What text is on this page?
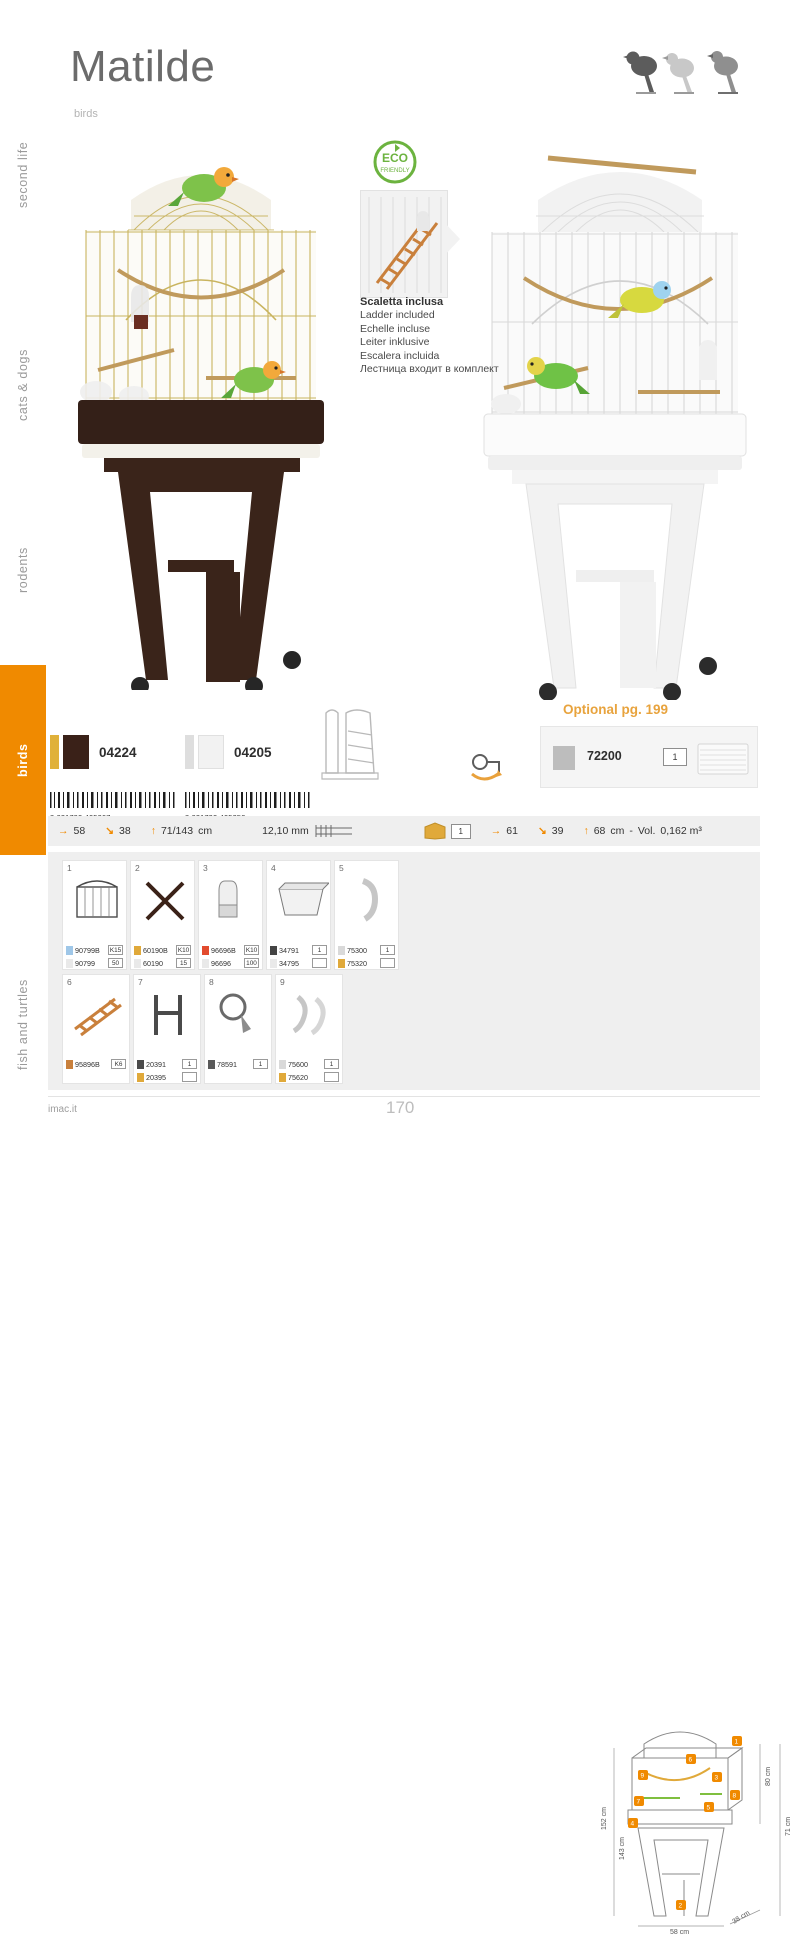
second life
cats & dogs
rodents
birds
fish and turtles
Matilde
birds
ECO
FRIENDLY
Scaletta inclusa
Ladder included
Echelle incluse
Leiter inklusive
Escalera incluida
Лестница входит в комплект
04224	04205
Optional pg. 199
72200	1
→ 58 ↘ 38 ↑ 71/143 cm	12,10 mm	1	→ 61 ↘ 39 ↑ 68 cm - Vol. 0,162 m³
1
90799B K15
90799	50
2
60190B K10
60190	15
3
96696B K10
96696	100
4
34791	1
34795
5
75300	1
75320
6
95896B	K6
7
20391	1
20395
8
78591	1
9
75600	1
75620
80 cm
71 cm
152 cm
143 cm
58 cm
38 cm
1
6
9	3
8
7
5
4
2
imac.it	170
